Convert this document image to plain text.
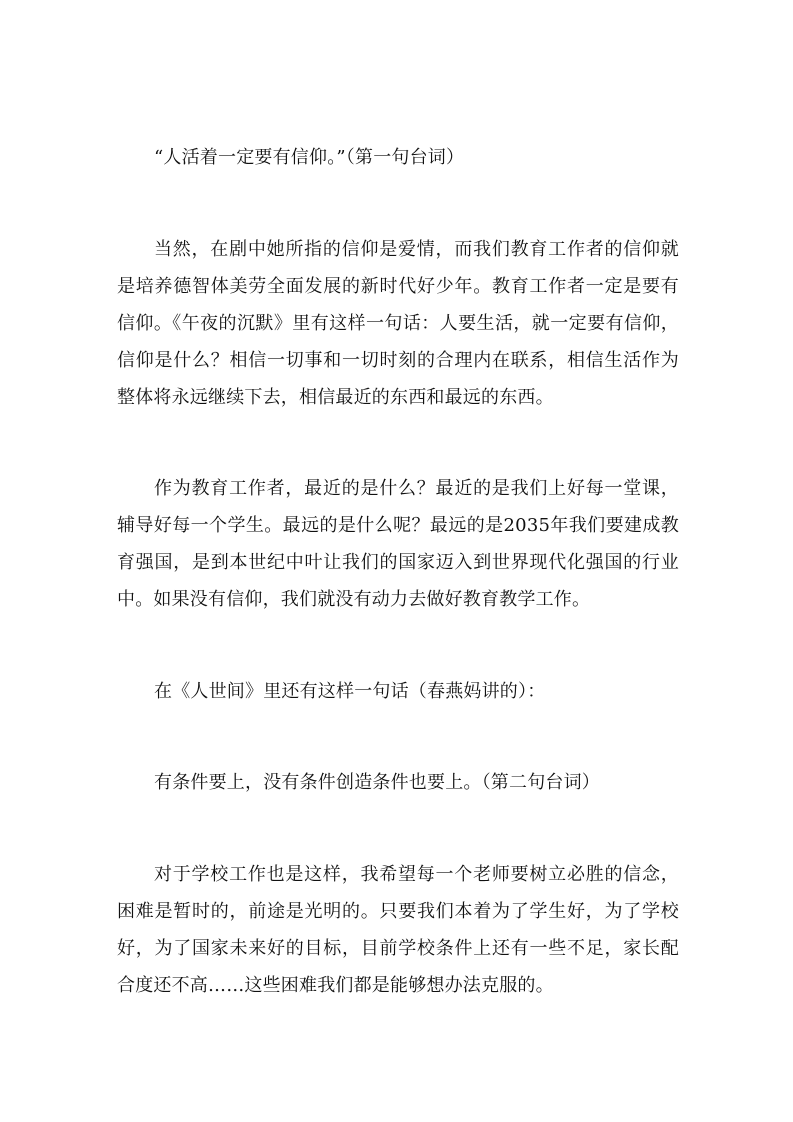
“人活着一定要有信仰。”（第一句台词）

当然，在剧中她所指的信仰是爱情，而我们教育工作者的信仰就是培养德智体美劳全面发展的新时代好少年。教育工作者一定是要有信仰。《午夜的沉默》里有这样一句话：人要生活，就一定要有信仰，信仰是什么？相信一切事和一切时刻的合理内在联系，相信生活作为整体将永远继续下去，相信最近的东西和最远的东西。

作为教育工作者，最近的是什么？最近的是我们上好每一堂课，辅导好每一个学生。最远的是什么呢？最远的是2035年我们要建成教育强国，是到本世纪中叶让我们的国家迈入到世界现代化强国的行业中。如果没有信仰，我们就没有动力去做好教育教学工作。

在《人世间》里还有这样一句话（春燕妈讲的）：

有条件要上，没有条件创造条件也要上。（第二句台词）

对于学校工作也是这样，我希望每一个老师要树立必胜的信念，困难是暂时的，前途是光明的。只要我们本着为了学生好，为了学校好，为了国家未来好的目标，目前学校条件上还有一些不足，家长配合度还不高……这些困难我们都是能够想办法克服的。
